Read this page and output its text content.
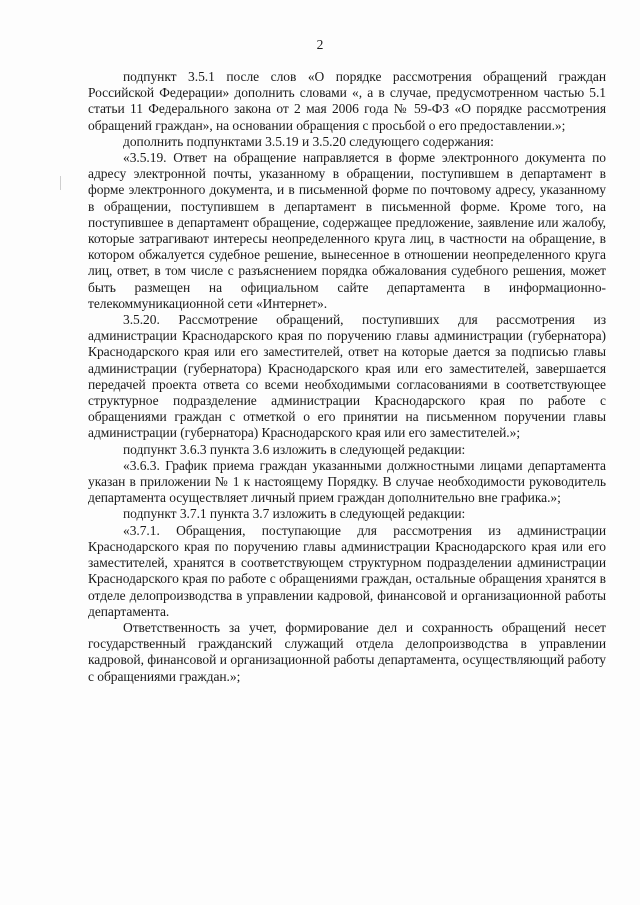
2

подпункт 3.5.1 после слов «О порядке рассмотрения обращений граждан Российской Федерации» дополнить словами «, а в случае, предусмотренном частью 5.1 статьи 11 Федерального закона от 2 мая 2006 года № 59-ФЗ «О порядке рассмотрения обращений граждан», на основании обращения с просьбой о его предоставлении.»;

дополнить подпунктами 3.5.19 и 3.5.20 следующего содержания:

«3.5.19. Ответ на обращение направляется в форме электронного документа по адресу электронной почты, указанному в обращении, поступившем в департамент в форме электронного документа, и в письменной форме по почтовому адресу, указанному в обращении, поступившем в департамент в письменной форме. Кроме того, на поступившее в департамент обращение, содержащее предложение, заявление или жалобу, которые затрагивают интересы неопределенного круга лиц, в частности на обращение, в котором обжалуется судебное решение, вынесенное в отношении неопределенного круга лиц, ответ, в том числе с разъяснением порядка обжалования судебного решения, может быть размещен на официальном сайте департамента в информационно-телекоммуникационной сети «Интернет».

3.5.20. Рассмотрение обращений, поступивших для рассмотрения из администрации Краснодарского края по поручению главы администрации (губернатора) Краснодарского края или его заместителей, ответ на которые дается за подписью главы администрации (губернатора) Краснодарского края или его заместителей, завершается передачей проекта ответа со всеми необходимыми согласованиями в соответствующее структурное подразделение администрации Краснодарского края по работе с обращениями граждан с отметкой о его принятии на письменном поручении главы администрации (губернатора) Краснодарского края или его заместителей.»;

подпункт 3.6.3 пункта 3.6 изложить в следующей редакции:

«3.6.3. График приема граждан указанными должностными лицами департамента указан в приложении № 1 к настоящему Порядку. В случае необходимости руководитель департамента осуществляет личный прием граждан дополнительно вне графика.»;

подпункт 3.7.1 пункта 3.7 изложить в следующей редакции:

«3.7.1. Обращения, поступающие для рассмотрения из администрации Краснодарского края по поручению главы администрации Краснодарского края или его заместителей, хранятся в соответствующем структурном подразделении администрации Краснодарского края по работе с обращениями граждан, остальные обращения хранятся в отделе делопроизводства в управлении кадровой, финансовой и организационной работы департамента.

Ответственность за учет, формирование дел и сохранность обращений несет государственный гражданский служащий отдела делопроизводства в управлении кадровой, финансовой и организационной работы департамента, осуществляющий работу с обращениями граждан.»;
